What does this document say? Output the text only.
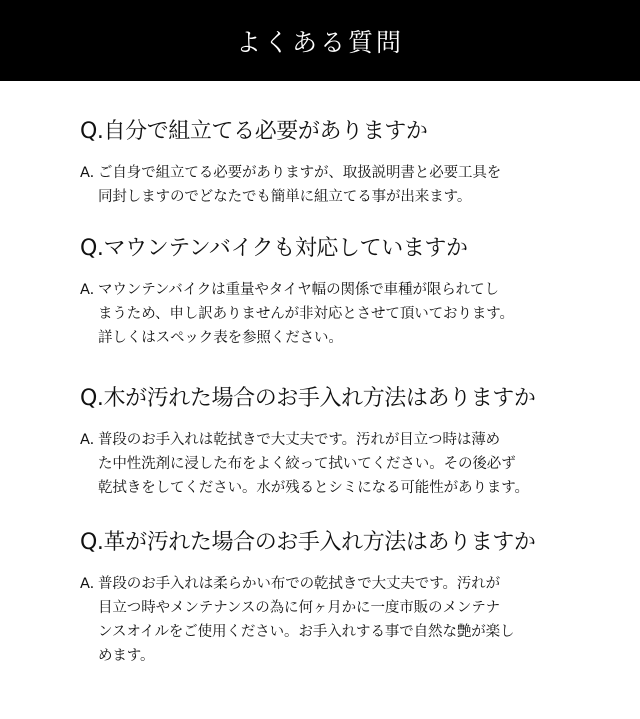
よくある質問
Q.自分で組立てる必要がありますか
A. ご自身で組立てる必要がありますが、取扱説明書と必要工具を
同封しますのでどなたでも簡単に組立てる事が出来ます。
Q.マウンテンバイクも対応していますか
A. マウンテンバイクは重量やタイヤ幅の関係で車種が限られてし
まうため、申し訳ありませんが非対応とさせて頂いております。
詳しくはスペック表を参照ください。
Q.木が汚れた場合のお手入れ方法はありますか
A. 普段のお手入れは乾拭きで大丈夫です。汚れが目立つ時は薄め
た中性洗剤に浸した布をよく絞って拭いてください。その後必ず
乾拭きをしてください。水が残るとシミになる可能性があります。
Q.革が汚れた場合のお手入れ方法はありますか
A. 普段のお手入れは柔らかい布での乾拭きで大丈夫です。汚れが
目立つ時やメンテナンスの為に何ヶ月かに一度市販のメンテナ
ンスオイルをご使用ください。お手入れする事で自然な艶が楽し
めます。
